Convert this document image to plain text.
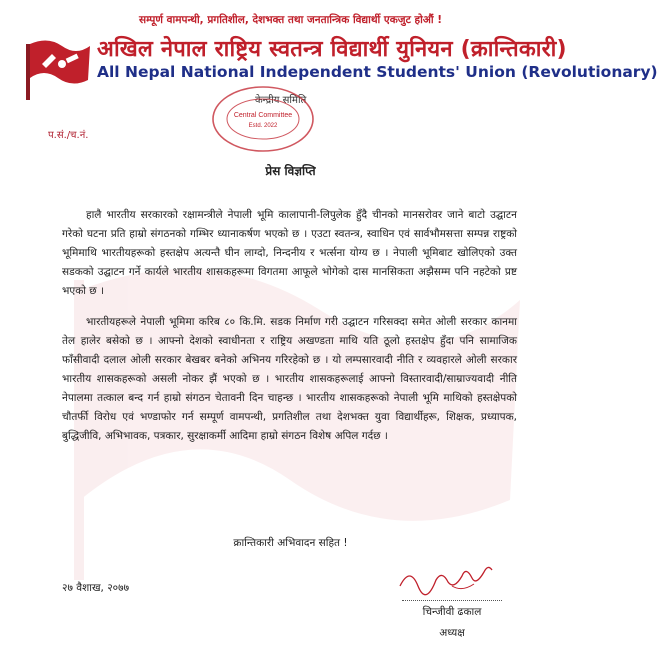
सम्पूर्ण वामपन्थी, प्रगतिशील, देशभक्त तथा जनतान्त्रिक विद्यार्थी एकजुट होऔं !
अखिल नेपाल राष्ट्रिय स्वतन्त्र विद्यार्थी युनियन (क्रान्तिकारी)
All Nepal National Independent Students' Union (Revolutionary)
केन्द्रीय समिति
Central Committee
Estd. 2022
प.सं./च.नं.
प्रेस विज्ञप्ति

हालै भारतीय सरकारको रक्षामन्त्रीले नेपाली भूमि कालापानी-लिपुलेक हुँदै चीनको मानसरोवर जाने बाटो उद्घाटन गरेको घटना प्रति हाम्रो संगठनको गम्भिर ध्यानाकर्षण भएको छ । एउटा स्वतन्त्र, स्वाधिन एवं सार्वभौमसत्ता सम्पन्न राष्ट्रको भूमिमाथि भारतीयहरूको हस्तक्षेप अत्यन्तै घीन लाग्दो, निन्दनीय र भर्त्सना योग्य छ । नेपाली भूमिबाट खोलिएको उक्त सडकको उद्घाटन गर्ने कार्यले भारतीय शासकहरूमा विगतमा आफूले भोगेको दास मानसिकता अझैसम्म पनि नहटेको प्रष्ट भएको छ ।

भारतीयहरूले नेपाली भूमिमा करिब ८० कि.मि. सडक निर्माण गरी उद्घाटन गरिसक्दा समेत ओली सरकार कानमा तेल हालेर बसेको छ । आफ्नो देशको स्वाधीनता र राष्ट्रिय अखण्डता माथि यति ठूलो हस्तक्षेप हुँदा पनि सामाजिक फाँसीवादी दलाल ओली सरकार बेखबर बनेको अभिनय गरिरहेको छ । यो लम्पसारवादी नीति र व्यवहारले ओली सरकार भारतीय शासकहरूको असली नोकर झैं भएको छ । भारतीय शासकहरूलाई आफ्नो विस्तारवादी/साम्राज्यवादी नीति नेपालमा तत्काल बन्द गर्न हाम्रो संगठन चेतावनी दिन चाहन्छ । भारतीय शासकहरूको नेपाली भूमि माथिको हस्तक्षेपको चौतर्फी विरोध एवं भण्डाफोर गर्न सम्पूर्ण वामपन्थी, प्रगतिशील तथा देशभक्त युवा विद्यार्थीहरू, शिक्षक, प्रध्यापक, बुद्धिजीवि, अभिभावक, पत्रकार, सुरक्षाकर्मी आदिमा हाम्रो संगठन विशेष अपिल गर्दछ ।

क्रान्तिकारी अभिवादन सहित !
२७ वैशाख, २०७७
चिन्जीवी ढकाल
अध्यक्ष
